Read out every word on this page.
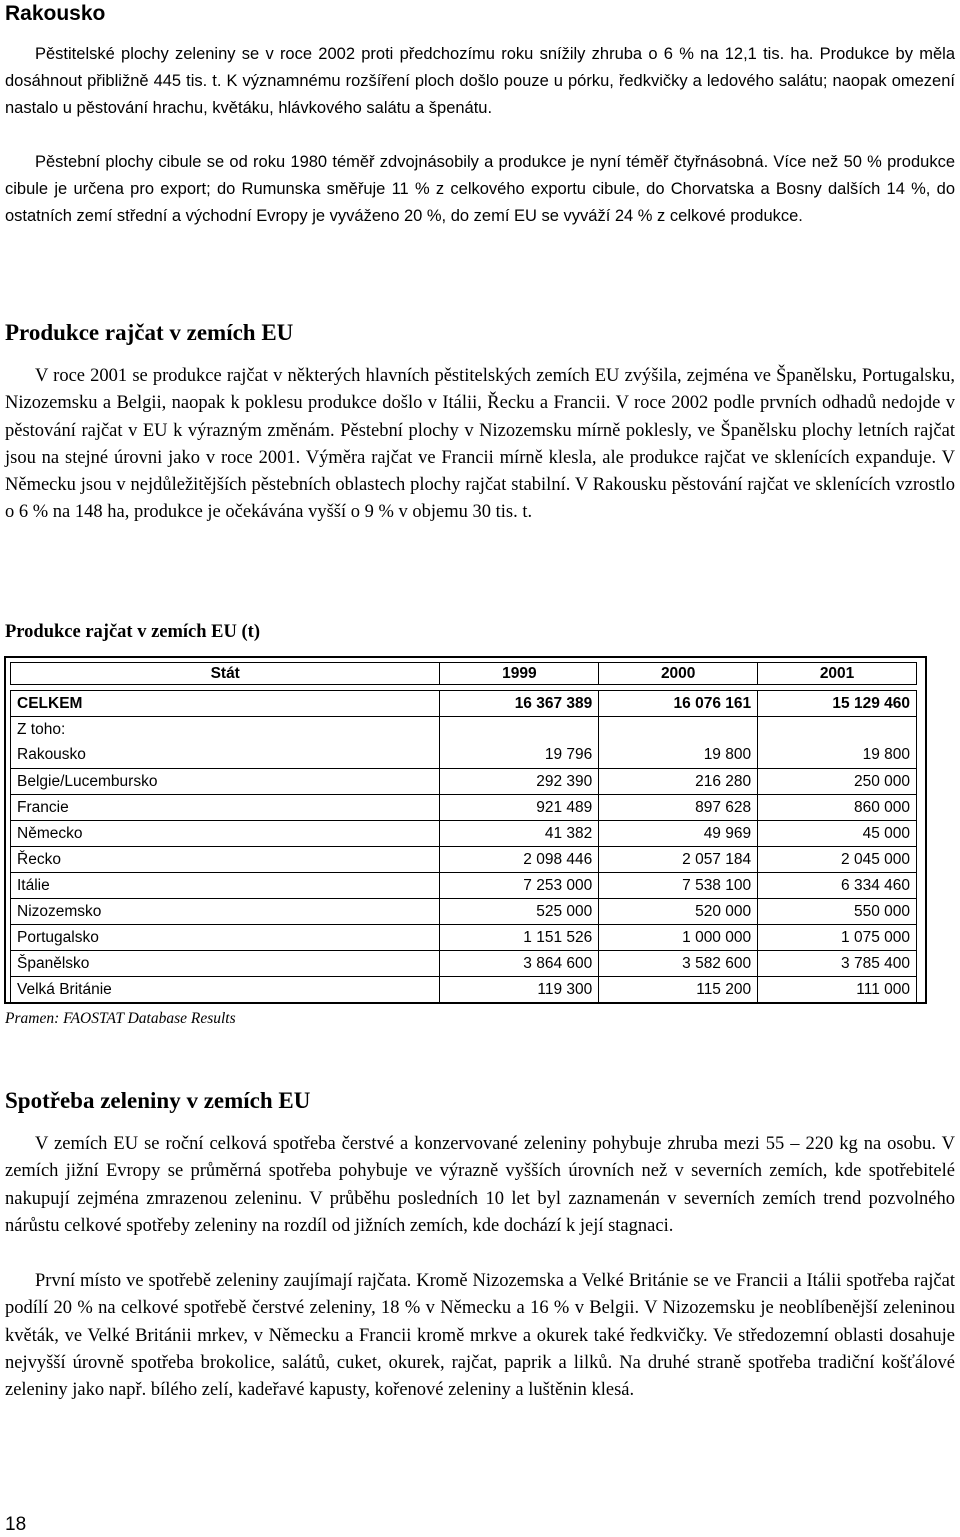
Rakousko

Pěstitelské plochy zeleniny se v roce 2002 proti předchozímu roku snížily zhruba o 6 % na 12,1 tis. ha. Produkce by měla dosáhnout přibližně 445 tis. t. K významnému rozšíření ploch došlo pouze u pórku, ředkvičky a ledového salátu; naopak omezení nastalo u pěstování hrachu, květáku, hlávkového salátu a špenátu.

Pěstební plochy cibule se od roku 1980 téměř zdvojnásobily a produkce je nyní téměř čtyřnásobná. Více než 50 % produkce cibule je určena pro export; do Rumunska směřuje 11 % z celkového exportu cibule, do Chorvatska a Bosny dalších 14 %, do ostatních zemí střední a východní Evropy je vyváženo 20 %, do zemí EU se vyváží 24 % z celkové produkce.

Produkce rajčat v zemích EU

V roce 2001 se produkce rajčat v některých hlavních pěstitelských zemích EU zvýšila, zejména ve Španělsku, Portugalsku, Nizozemsku a Belgii, naopak k poklesu produkce došlo v Itálii, Řecku a Francii. V roce 2002 podle prvních odhadů nedojde v pěstování rajčat v EU k výrazným změnám. Pěstební plochy v Nizozemsku mírně poklesly, ve Španělsku plochy letních rajčat jsou na stejné úrovni jako v roce 2001. Výměra rajčat ve Francii mírně klesla, ale produkce rajčat ve sklenících expanduje. V Německu jsou v nejdůležitějších pěstebních oblastech plochy rajčat stabilní. V Rakousku pěstování rajčat ve sklenících vzrostlo o 6 % na 148 ha, produkce je očekávána vyšší o 9 % v objemu 30 tis. t.

Produkce rajčat v zemích EU (t)

Stát	1999	2000	2001

CELKEM	16 367 389	16 076 161	15 129 460
Z toho:			
Rakousko	19 796	19 800	19 800
Belgie/Lucembursko	292 390	216 280	250 000
Francie	921 489	897 628	860 000
Německo	41 382	49 969	45 000
Řecko	2 098 446	2 057 184	2 045 000
Itálie	7 253 000	7 538 100	6 334 460
Nizozemsko	525 000	520 000	550 000
Portugalsko	1 151 526	1 000 000	1 075 000
Španělsko	3 864 600	3 582 600	3 785 400
Velká Británie	119 300	115 200	111 000

Pramen: FAOSTAT Database Results

Spotřeba zeleniny v zemích EU

V zemích EU se roční celková spotřeba čerstvé a konzervované zeleniny pohybuje zhruba mezi 55 – 220 kg na osobu. V zemích jižní Evropy se průměrná spotřeba pohybuje ve výrazně vyšších úrovních než v severních zemích, kde spotřebitelé nakupují zejména zmrazenou zeleninu. V průběhu posledních 10 let byl zaznamenán v severních zemích trend pozvolného nárůstu celkové spotřeby zeleniny na rozdíl od jižních zemích, kde dochází k její stagnaci.

První místo ve spotřebě zeleniny zaujímají rajčata. Kromě Nizozemska a Velké Británie se ve Francii a Itálii spotřeba rajčat podílí 20 % na celkové spotřebě čerstvé zeleniny, 18 % v Německu a 16 % v Belgii. V Nizozemsku je neoblíbenější zeleninou květák, ve Velké Británii mrkev, v Německu a Francii kromě mrkve a okurek také ředkvičky. Ve středozemní oblasti dosahuje nejvyšší úrovně spotřeba brokolice, salátů, cuket, okurek, rajčat, paprik a lilků. Na druhé straně spotřeba tradiční košťálové zeleniny jako např. bílého zelí, kadeřavé kapusty, kořenové zeleniny a luštěnin klesá.

18
